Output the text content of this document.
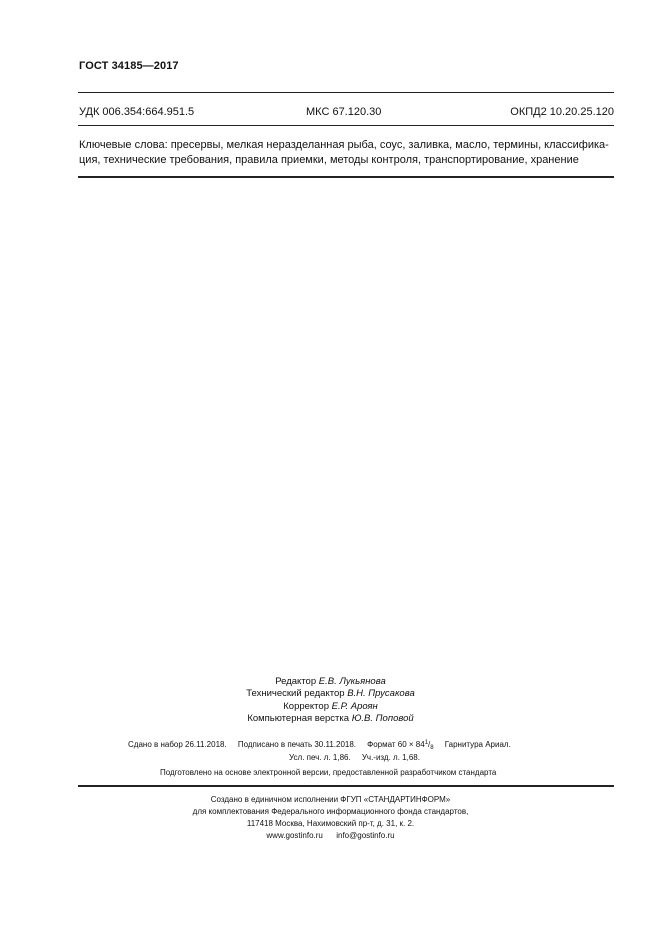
ГОСТ 34185—2017
УДК 006.354:664.951.5	МКС 67.120.30	ОКПД2 10.20.25.120
Ключевые слова: пресервы, мелкая неразделанная рыба, соус, заливка, масло, термины, классифика-
ция, технические требования, правила приемки, методы контроля, транспортирование, хранение
Редактор Е.В. Лукьянова
Технический редактор В.Н. Прусакова
Корректор Е.Р. Ароян
Компьютерная верстка Ю.В. Поповой
Сдано в набор 26.11.2018. Подписано в печать 30.11.2018. Формат $60 \times 84^1/_8$ Гарнитура Ариал.
Усл. печ. л. 1,86. Уч.-изд. л. 1,68.
Подготовлено на основе электронной версии, предоставленной разработчиком стандарта
Создано в единичном исполнении ФГУП «СТАНДАРТИНФОРМ»
для комплектования Федерального информационного фонда стандартов,
117418 Москва, Нахимовский пр-т, д. 31, к. 2.
www.gostinfo.ru info@gostinfo.ru
